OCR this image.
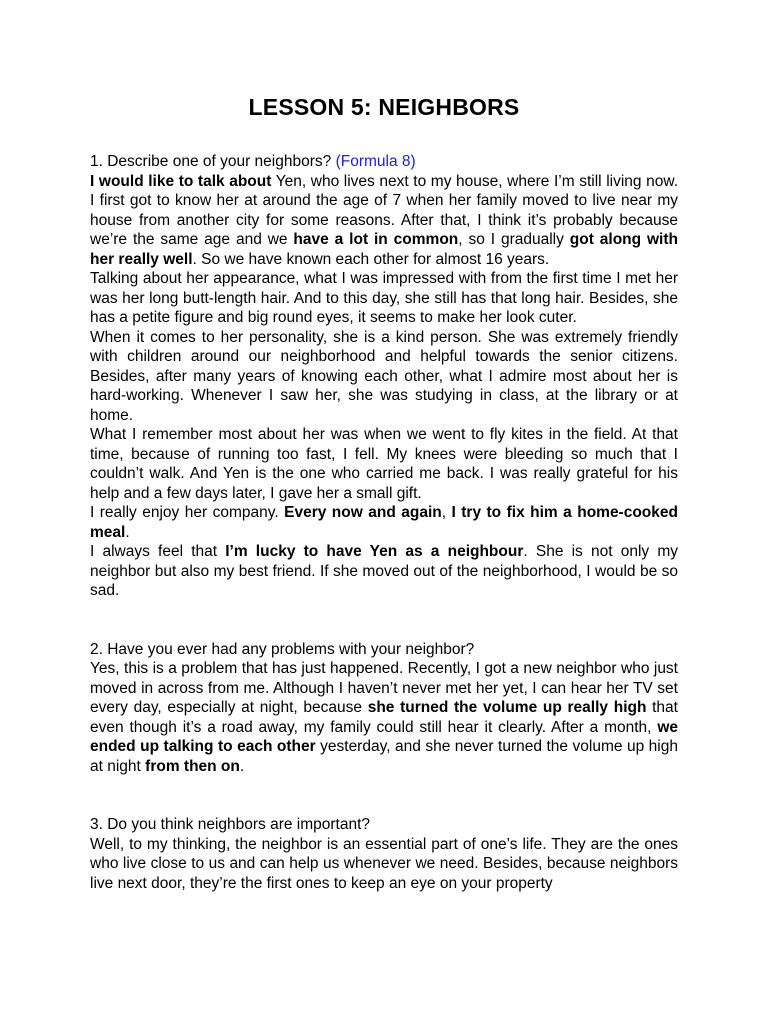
LESSON 5: NEIGHBORS

1. Describe one of your neighbors? (Formula 8)

I would like to talk about Yen, who lives next to my house, where I’m still living now. I first got to know her at around the age of 7 when her family moved to live near my house from another city for some reasons. After that, I think it’s probably because we’re the same age and we have a lot in common, so I gradually got along with her really well. So we have known each other for almost 16 years.

Talking about her appearance, what I was impressed with from the first time I met her was her long butt-length hair. And to this day, she still has that long hair. Besides, she has a petite figure and big round eyes, it seems to make her look cuter.

When it comes to her personality, she is a kind person. She was extremely friendly with children around our neighborhood and helpful towards the senior citizens. Besides, after many years of knowing each other, what I admire most about her is hard-working. Whenever I saw her, she was studying in class, at the library or at home.

What I remember most about her was when we went to fly kites in the field. At that time, because of running too fast, I fell. My knees were bleeding so much that I couldn’t walk. And Yen is the one who carried me back. I was really grateful for his help and a few days later, I gave her a small gift.

I really enjoy her company. Every now and again, I try to fix him a home-cooked meal.

I always feel that I’m lucky to have Yen as a neighbour. She is not only my neighbor but also my best friend. If she moved out of the neighborhood, I would be so sad.

2. Have you ever had any problems with your neighbor?

Yes, this is a problem that has just happened. Recently, I got a new neighbor who just moved in across from me. Although I haven’t never met her yet, I can hear her TV set every day, especially at night, because she turned the volume up really high that even though it’s a road away, my family could still hear it clearly. After a month, we ended up talking to each other yesterday, and she never turned the volume up high at night from then on.

3. Do you think neighbors are important?

Well, to my thinking, the neighbor is an essential part of one’s life. They are the ones who live close to us and can help us whenever we need. Besides, because neighbors live next door, they’re the first ones to keep an eye on your property
